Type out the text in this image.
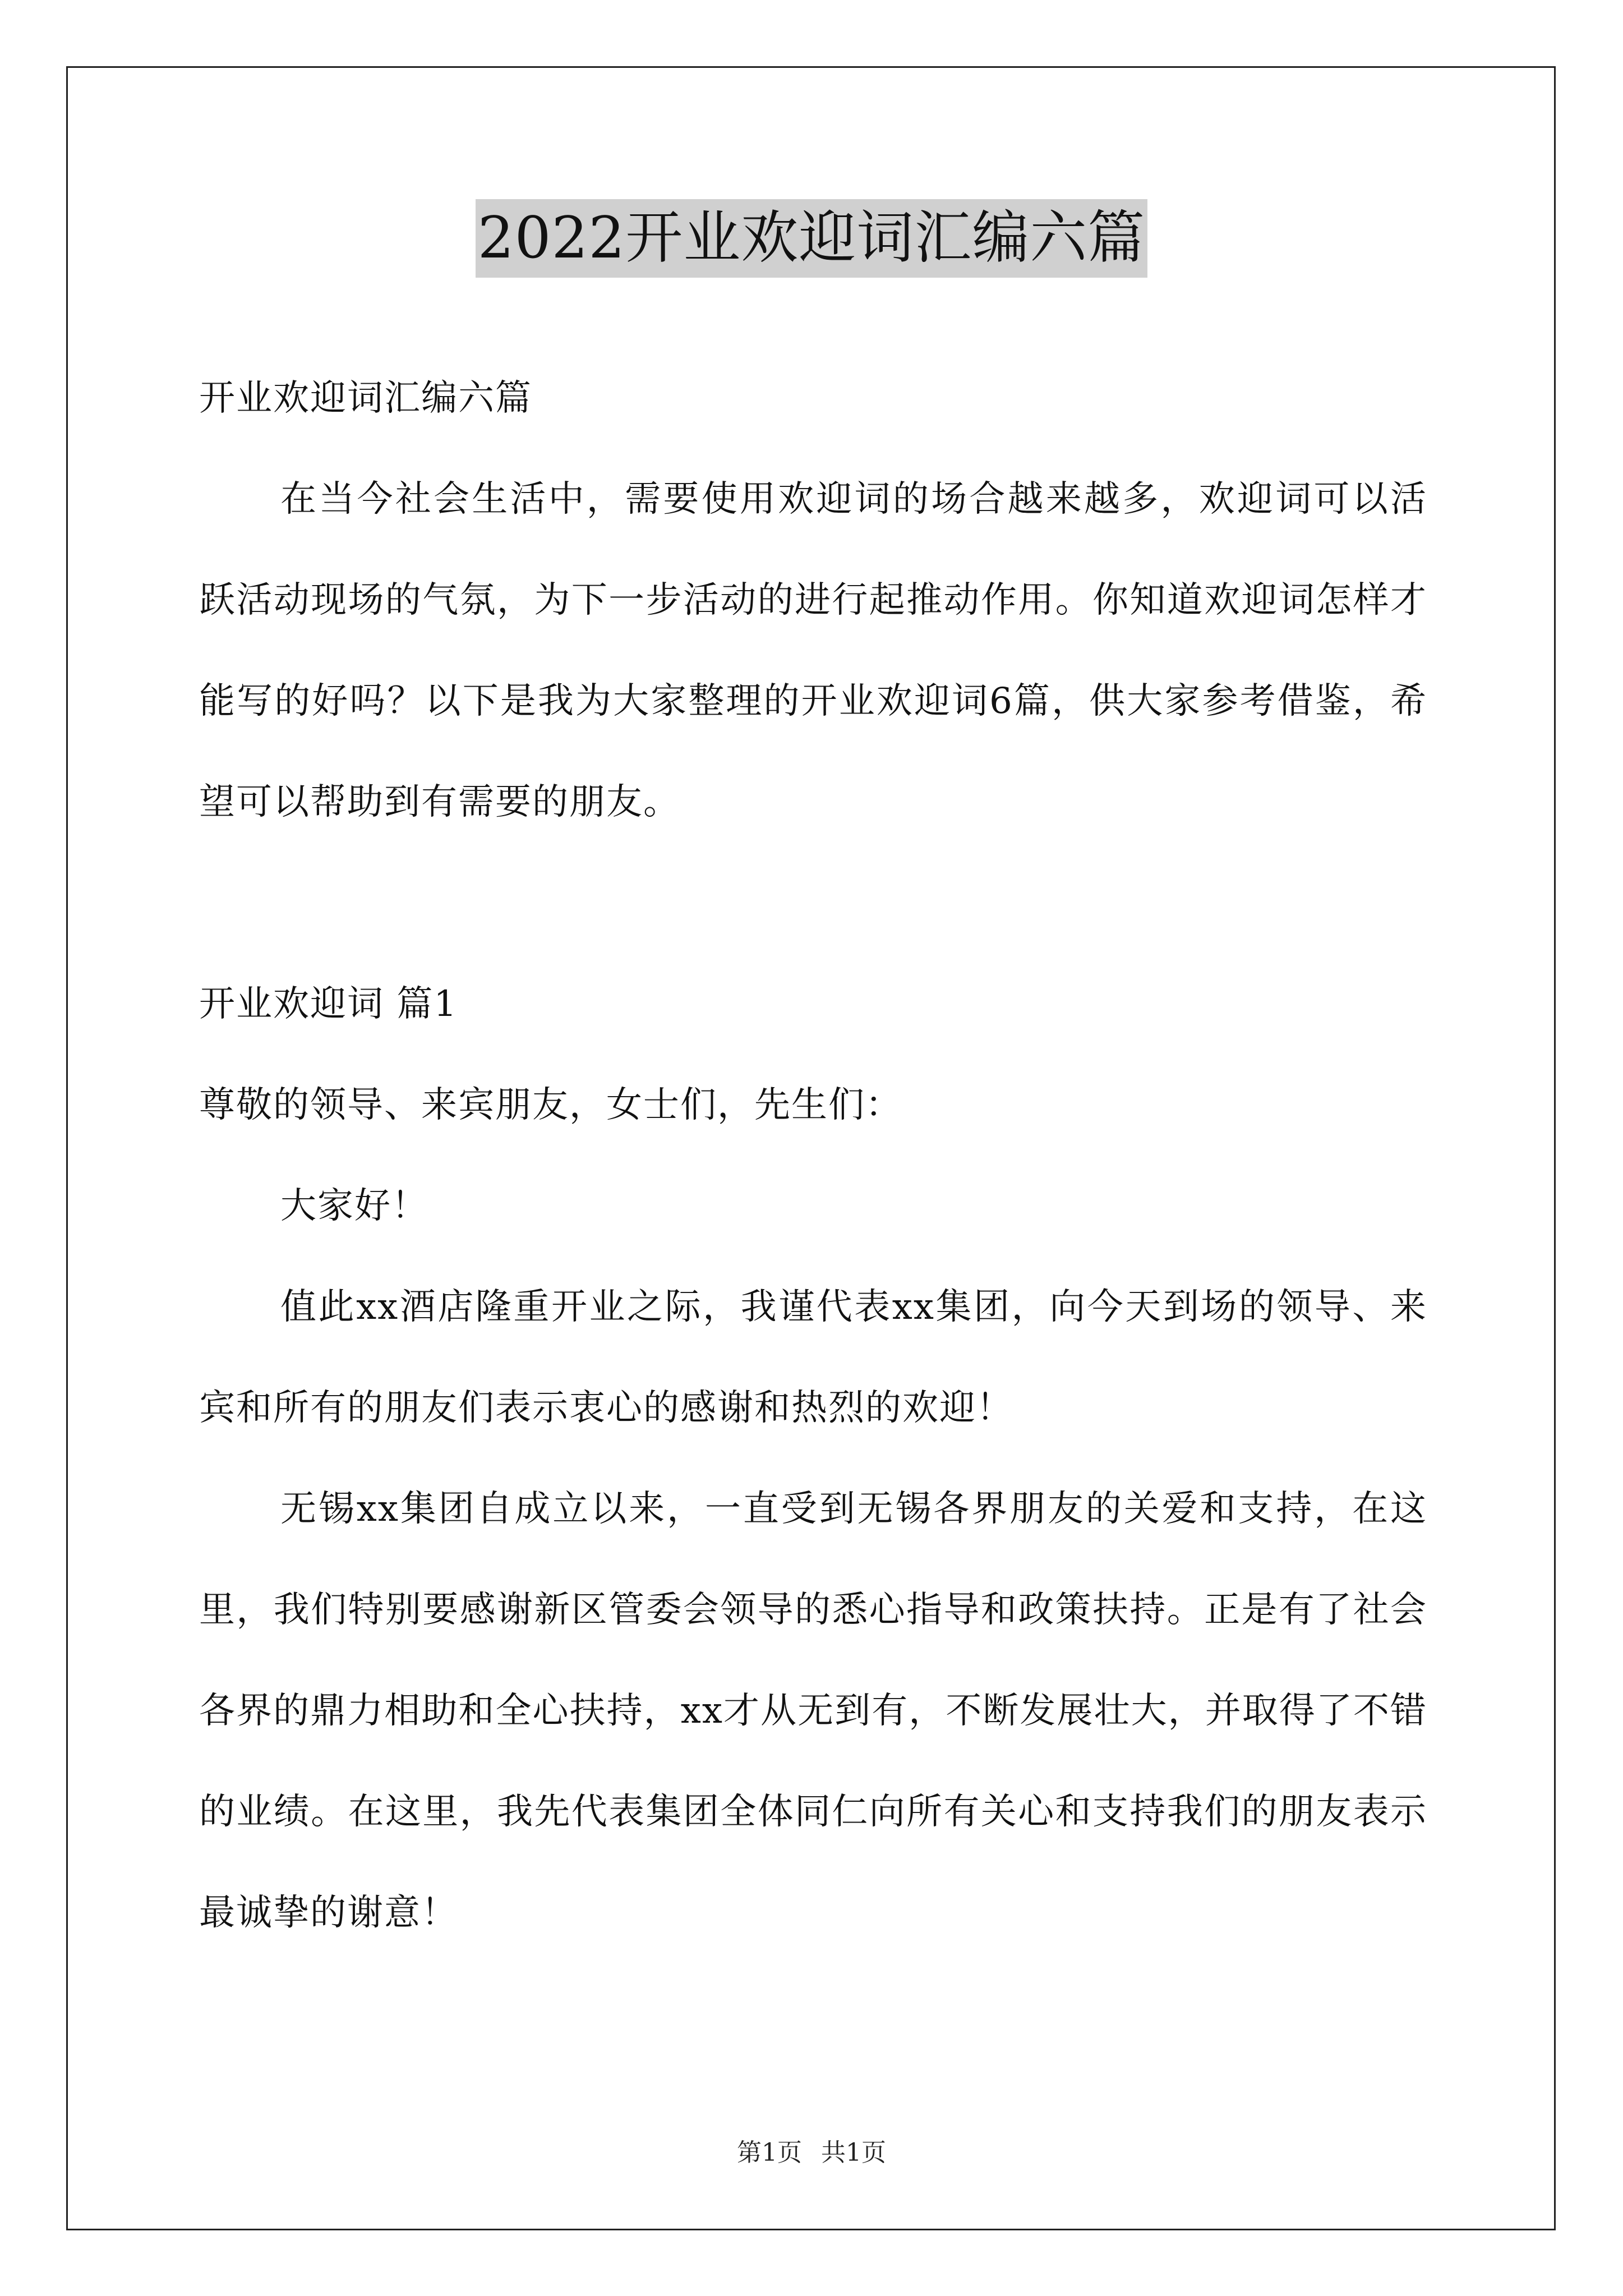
2022开业欢迎词汇编六篇

开业欢迎词汇编六篇

在当今社会生活中，需要使用欢迎词的场合越来越多，欢迎词可以活跃活动现场的气氛，为下一步活动的进行起推动作用。你知道欢迎词怎样才能写的好吗？以下是我为大家整理的开业欢迎词6篇，供大家参考借鉴，希望可以帮助到有需要的朋友。

开业欢迎词 篇1

尊敬的领导、来宾朋友，女士们，先生们：

大家好！

值此xx酒店隆重开业之际，我谨代表xx集团，向今天到场的领导、来宾和所有的朋友们表示衷心的感谢和热烈的欢迎！

无锡xx集团自成立以来，一直受到无锡各界朋友的关爱和支持，在这里，我们特别要感谢新区管委会领导的悉心指导和政策扶持。正是有了社会各界的鼎力相助和全心扶持，xx才从无到有，不断发展壮大，并取得了不错的业绩。在这里，我先代表集团全体同仁向所有关心和支持我们的朋友表示最诚挚的谢意！

第1页 共1页
